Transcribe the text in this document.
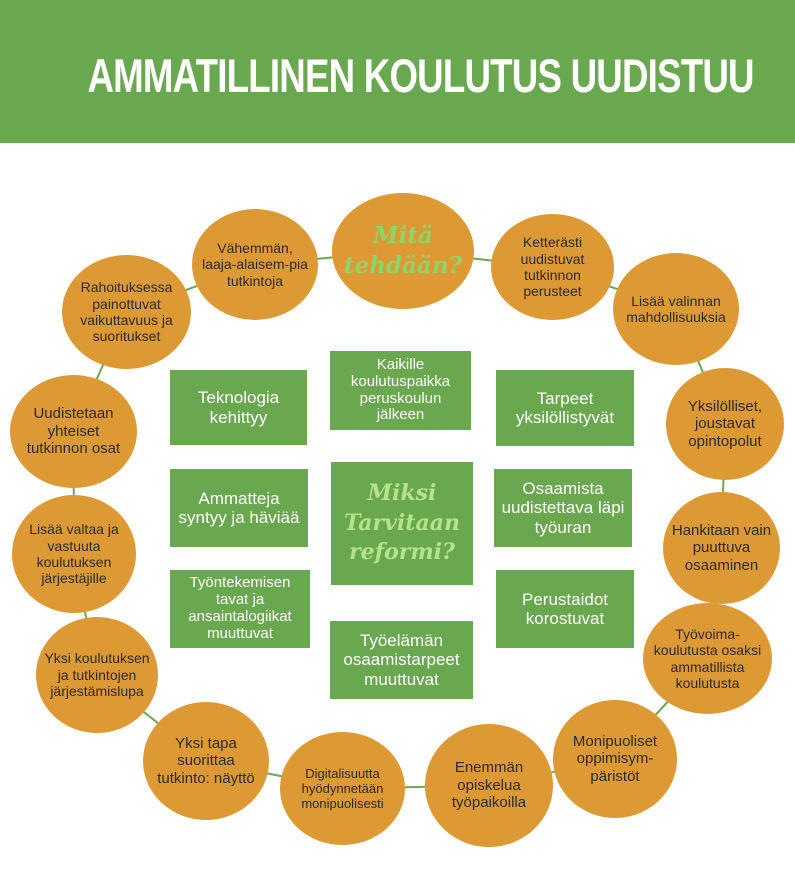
AMMATILLINEN KOULUTUS UUDISTUU
Mitä tehdään?
Ketterästi uudistuvat tutkinnon perusteet
Lisää valinnan mahdollisuuksia
Yksilölliset, joustavat opintopolut
Hankitaan vain puuttuva osaaminen
Työvoima-koulutusta osaksi ammatillista koulutusta
Monipuoliset oppimisym-päristöt
Enemmän opiskelua työpaikoilla
Digitalisuutta hyödynnetään monipuolisesti
Yksi tapa suorittaa tutkinto: näyttö
Yksi koulutuksen ja tutkintojen järjestämislupa
Lisää valtaa ja vastuuta koulutuksen järjestäjille
Uudistetaan yhteiset tutkinnon osat
Rahoituksessa painottuvat vaikuttavuus ja suoritukset
Vähemmän, laaja-alaisem-pia tutkintoja
Miksi Tarvitaan reformi?
Teknologia kehittyy
Kaikille koulutuspaikka peruskoulun jälkeen
Tarpeet yksilöllistyvät
Ammatteja syntyy ja häviää
Osaamista uudistettava läpi työuran
Työntekemisen tavat ja ansaintalogiikat muuttuvat
Perustaidot korostuvat
Työelämän osaamistarpeet muuttuvat
